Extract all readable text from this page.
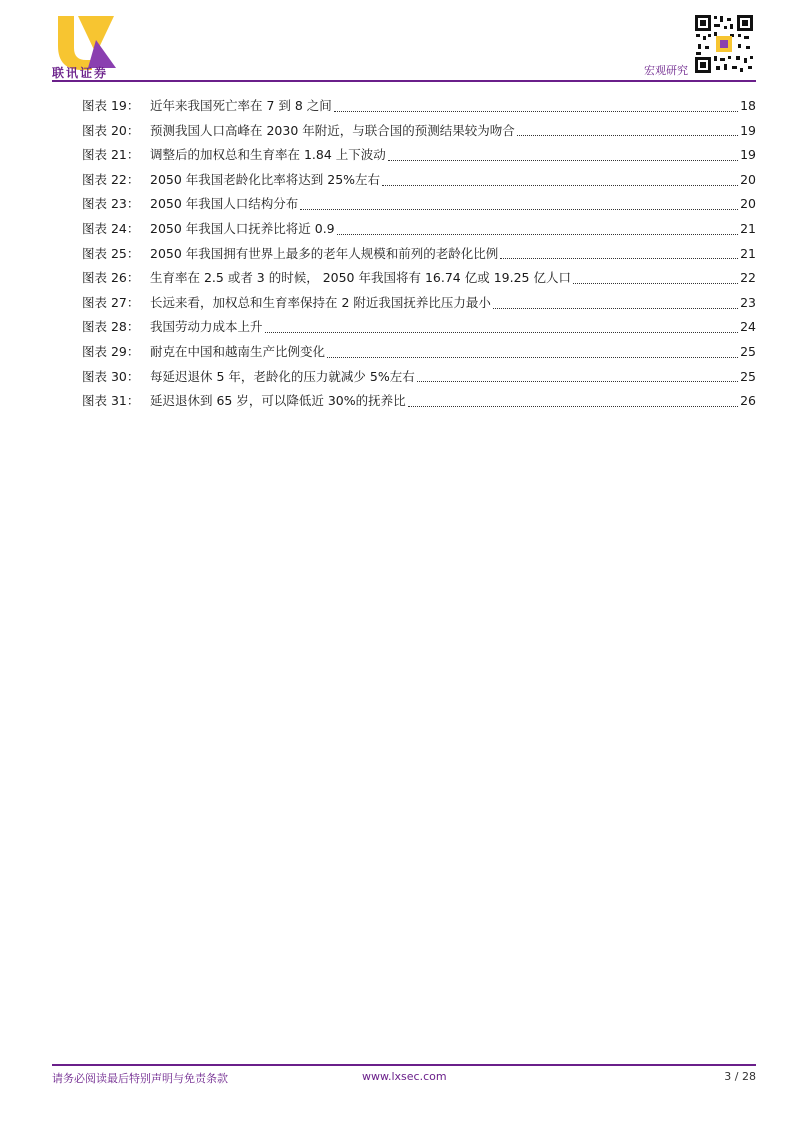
联讯证券	宏观研究
图表 19： 近年来我国死亡率在 7 到 8 之间	18
图表 20： 预测我国人口高峰在 2030 年附近，与联合国的预测结果较为吻合	19
图表 21： 调整后的加权总和生育率在 1.84 上下波动	19
图表 22： 2050 年我国老龄化比率将达到 25%左右	20
图表 23： 2050 年我国人口结构分布	20
图表 24： 2050 年我国人口抚养比将近 0.9	21
图表 25： 2050 年我国拥有世界上最多的老年人规模和前列的老龄化比例	21
图表 26： 生育率在 2.5 或者 3 的时候， 2050 年我国将有 16.74 亿或 19.25 亿人口	22
图表 27： 长远来看，加权总和生育率保持在 2 附近我国抚养比压力最小	23
图表 28： 我国劳动力成本上升	24
图表 29： 耐克在中国和越南生产比例变化	25
图表 30： 每延迟退休 5 年，老龄化的压力就减少 5%左右	25
图表 31： 延迟退休到 65 岁，可以降低近 30%的抚养比	26
请务必阅读最后特别声明与免责条款	www.lxsec.com	3 / 28
